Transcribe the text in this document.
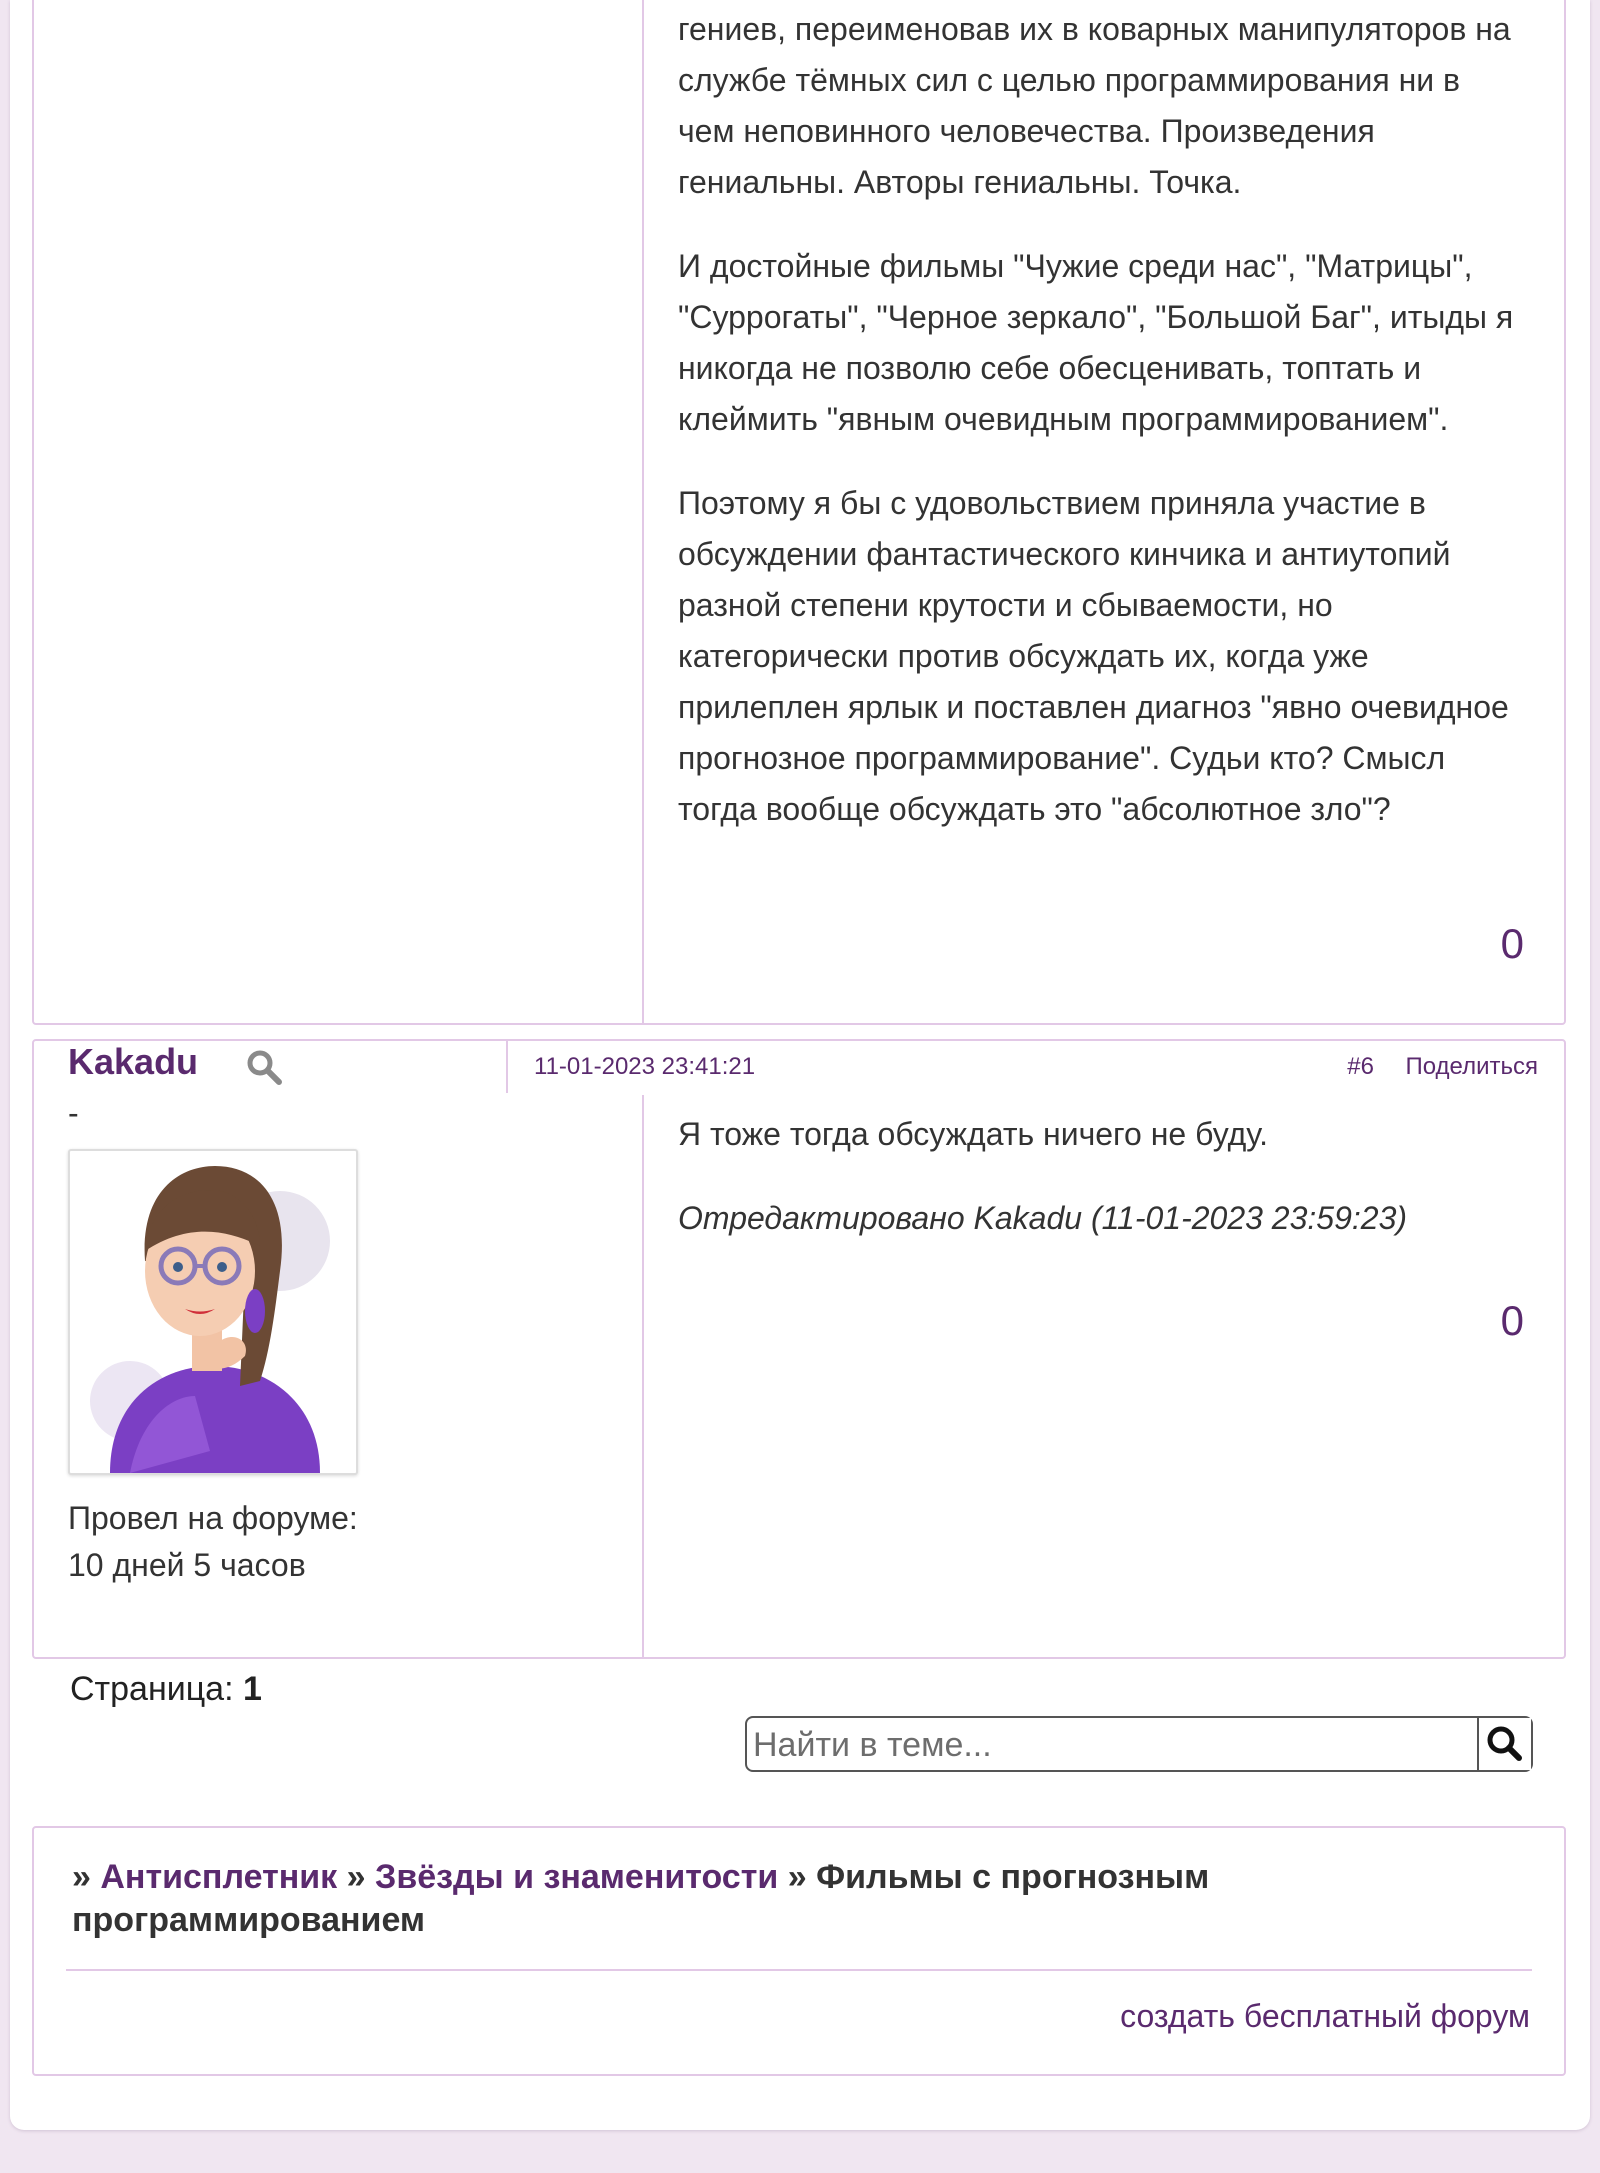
гениев, переименовав их в коварных манипуляторов на службе тёмных сил с целью программирования ни в чем неповинного человечества. Произведения гениальны. Авторы гениальны. Точка.

И достойные фильмы "Чужие среди нас", "Матрицы", "Суррогаты", "Черное зеркало", "Большой Баг", итыды я никогда не позволю себе обесценивать, топтать и клеймить "явным очевидным программированием".

Поэтому я бы с удовольствием приняла участие в обсуждении фантастического кинчика и антиутопий разной степени крутости и сбываемости, но категорически против обсуждать их, когда уже прилеплен ярлык и поставлен диагноз "явно очевидное прогнозное программирование". Судьи кто? Смысл тогда вообще обсуждать это "абсолютное зло"?

0
Kakadu	11-01-2023 23:41:21	#6 Поделиться
-
Провел на форуме:
10 дней 5 часов

Я тоже тогда обсуждать ничего не буду.

Отредактировано Kakadu (11-01-2023 23:59:23)

0
Страница: 1
Найти в теме...
» Антисплетник » Звёзды и знаменитости » Фильмы с прогнозным программированием
создать бесплатный форум
